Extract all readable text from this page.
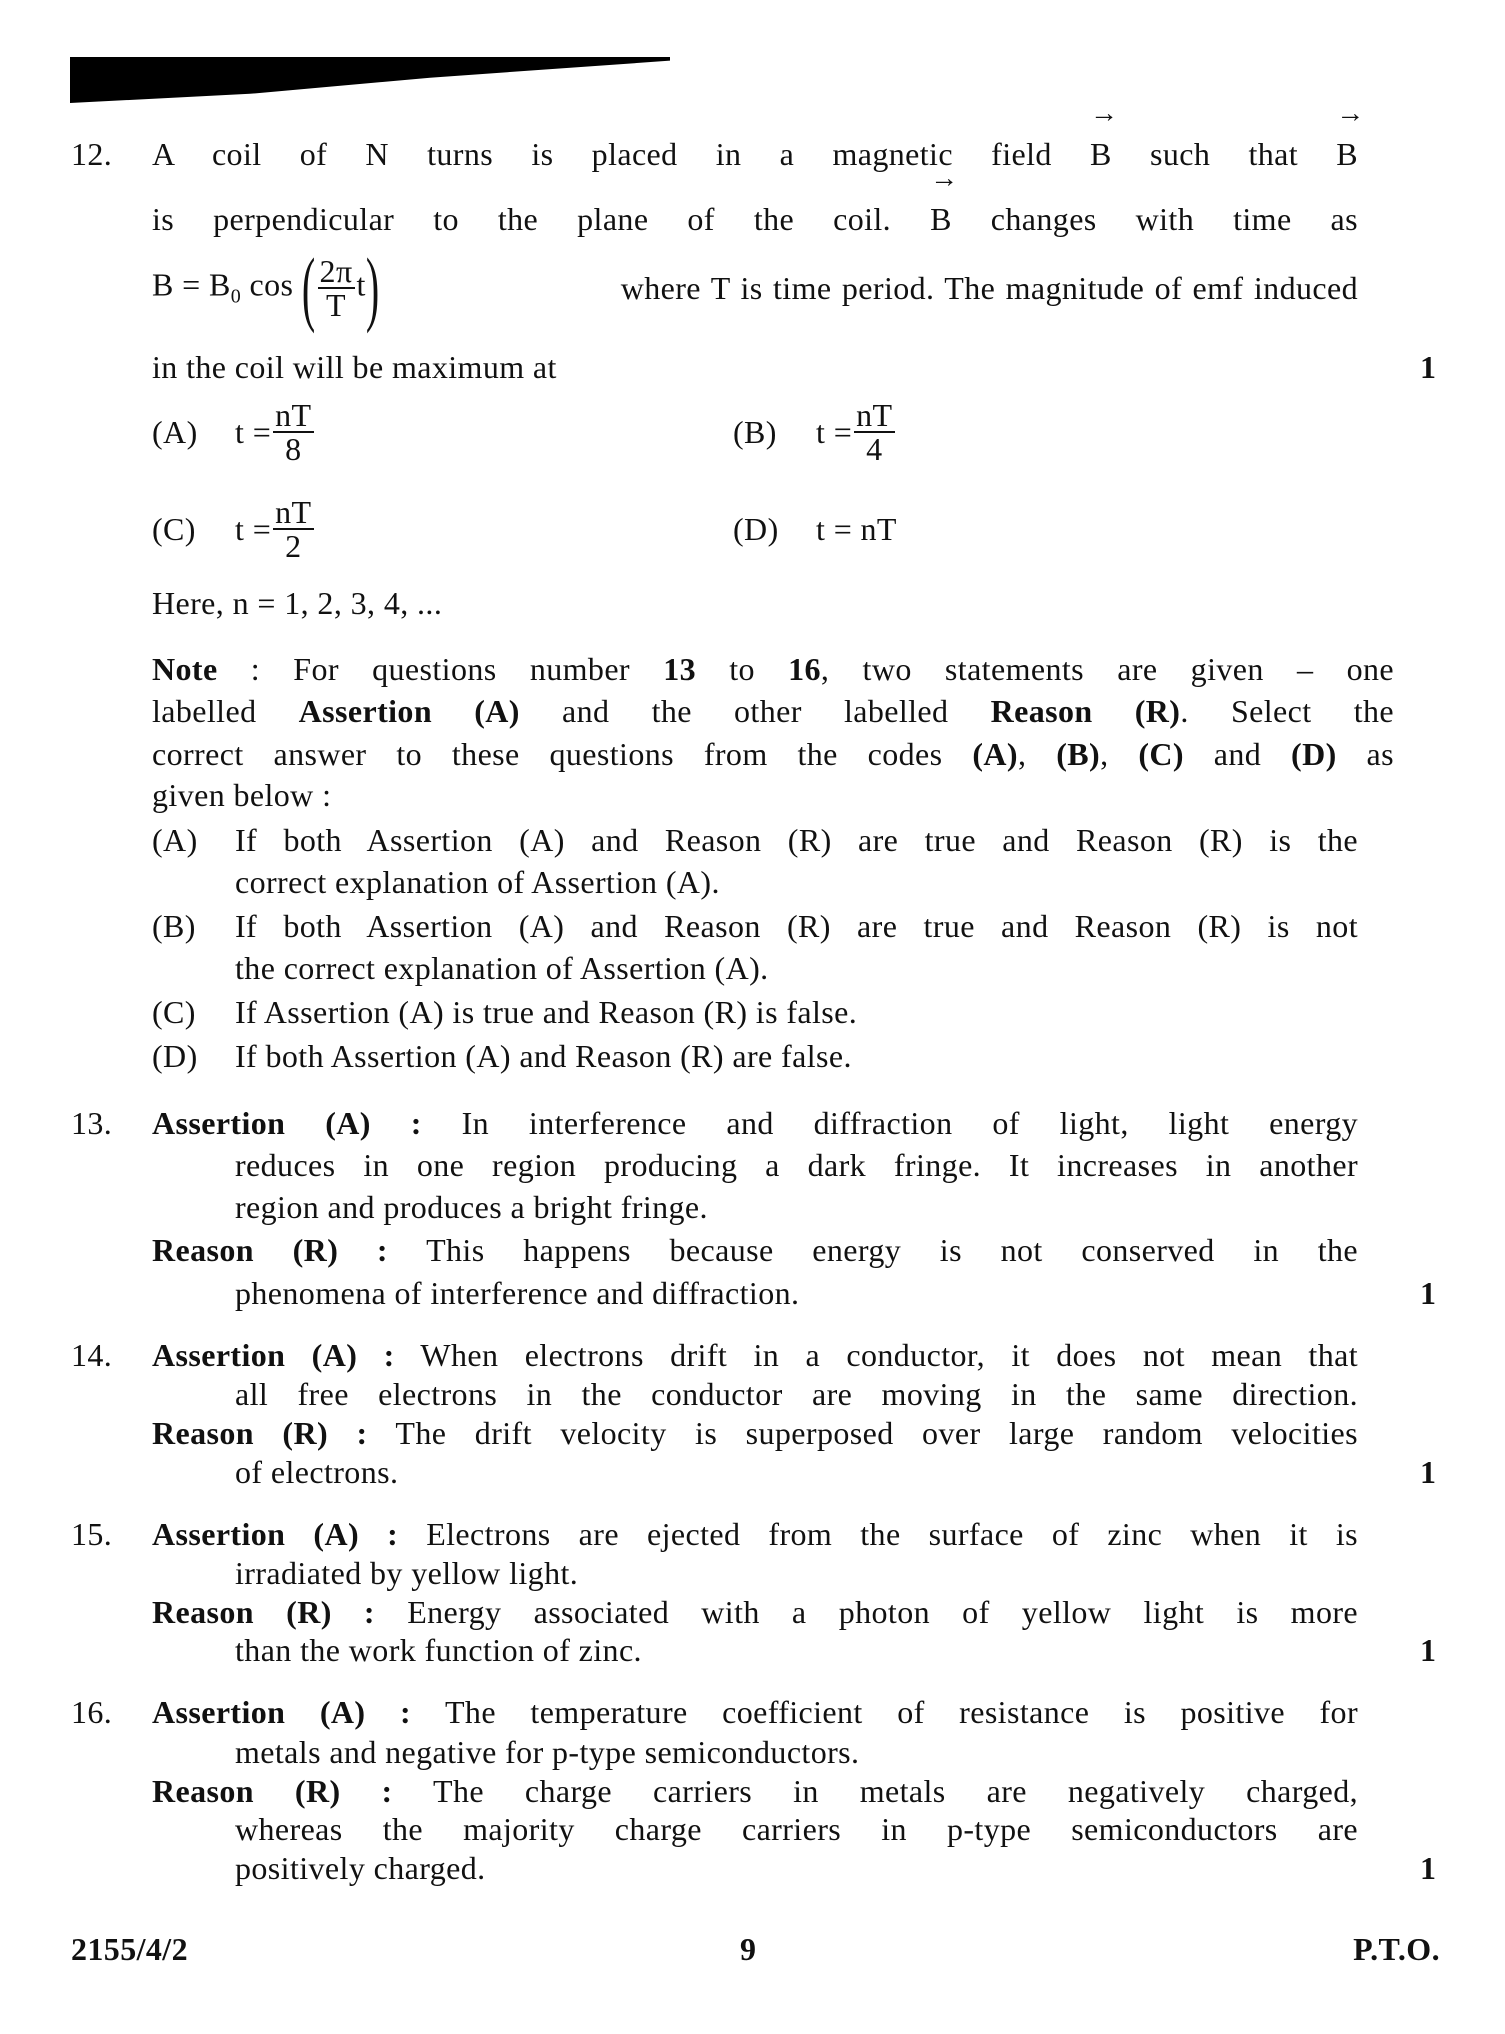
12. A coil of N turns is placed in a magnetic field
→
B such that
→
B
is perpendicular to the plane of the coil.
→
B changes with time as
$B = B_0$ cos ( $\frac{2\pi}{T} t$)	where T is time period. The magnitude of emf induced
in the coil will be maximum at	1
(A)	$t = \frac{nT}{8}$	(B)	$t = \frac{nT}{4}$
(C)	$t = \frac{nT}{2}$	(D)	t = nT
Here, n = 1, 2, 3, 4, ...
Note : For questions number 13 to 16, two statements are given – one
labelled Assertion (A) and the other labelled Reason (R). Select the
correct answer to these questions from the codes (A), (B), (C) and (D) as
given below :
(A) If both Assertion (A) and Reason (R) are true and Reason (R) is the
correct explanation of Assertion (A).
(B) If both Assertion (A) and Reason (R) are true and Reason (R) is not
the correct explanation of Assertion (A).
(C) If Assertion (A) is true and Reason (R) is false.
(D) If both Assertion (A) and Reason (R) are false.
13. Assertion (A) : In interference and diffraction of light, light energy
reduces in one region producing a dark fringe. It increases in another
region and produces a bright fringe.
Reason (R) : This happens because energy is not conserved in the
phenomena of interference and diffraction.	1
14. Assertion (A) : When electrons drift in a conductor, it does not mean that
all free electrons in the conductor are moving in the same direction.
Reason (R) : The drift velocity is superposed over large random velocities
of electrons.	1
15. Assertion (A) : Electrons are ejected from the surface of zinc when it is
irradiated by yellow light.
Reason (R) : Energy associated with a photon of yellow light is more
than the work function of zinc.	1
16. Assertion (A) : The temperature coefficient of resistance is positive for
metals and negative for p-type semiconductors.
Reason (R) : The charge carriers in metals are negatively charged,
whereas the majority charge carriers in p-type semiconductors are
positively charged.	1
2155/4/2	9	P.T.O.
